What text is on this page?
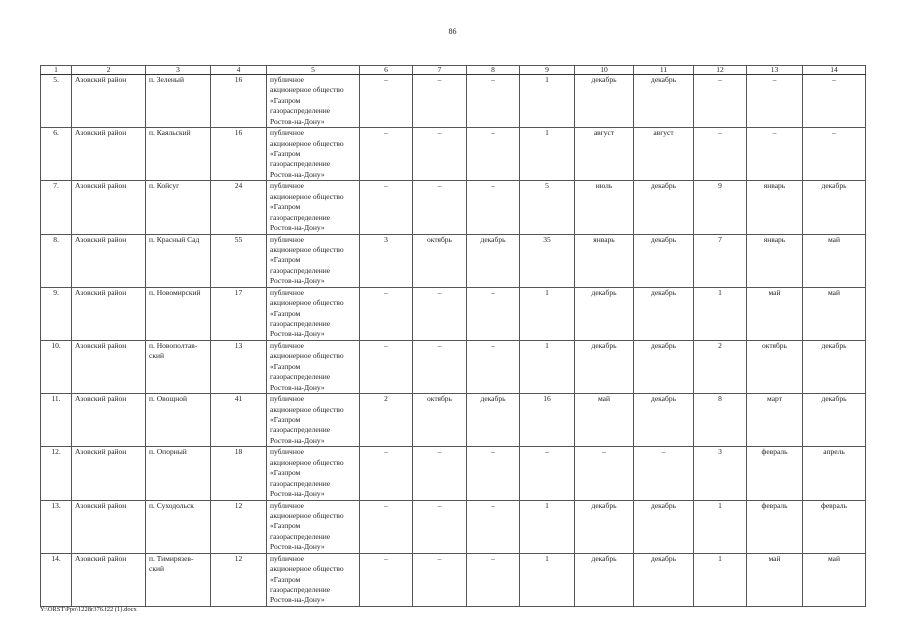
86
1	2	3	4	5	6	7	8	9	10	11	12	13	14
5.	Азовский район	п. Зеленый	16	публичное
акционерное общество
«Газпром
газораспределение
Ростов-на-Дону»	–	–	–	1	декабрь	декабрь	–	–	–
6.	Азовский район	п. Каяльский	16	публичное
акционерное общество
«Газпром
газораспределение
Ростов-на-Дону»	–	–	–	1	август	август	–	–	–
7.	Азовский район	п. Койсуг	24	публичное
акционерное общество
«Газпром
газораспределение
Ростов-на-Дону»	–	–	–	5	июль	декабрь	9	январь	декабрь
8.	Азовский район	п. Красный Сад	55	публичное
акционерное общество
«Газпром
газораспределение
Ростов-на-Дону»	3	октябрь	декабрь	35	январь	декабрь	7	январь	май
9.	Азовский район	п. Новомирский	17	публичное
акционерное общество
«Газпром
газораспределение
Ростов-на-Дону»	–	–	–	1	декабрь	декабрь	1	май	май
10.	Азовский район	п. Новополтав-ский	13	публичное
акционерное общество
«Газпром
газораспределение
Ростов-на-Дону»	–	–	–	1	декабрь	декабрь	2	октябрь	декабрь
11.	Азовский район	п. Овощной	41	публичное
акционерное общество
«Газпром
газораспределение
Ростов-на-Дону»	2	октябрь	декабрь	16	май	декабрь	8	март	декабрь
12.	Азовский район	п. Опорный	18	публичное
акционерное общество
«Газпром
газораспределение
Ростов-на-Дону»	–	–	–	–	–	–	3	февраль	апрель
13.	Азовский район	п. Суходольск	12	публичное
акционерное общество
«Газпром
газораспределение
Ростов-на-Дону»	–	–	–	1	декабрь	декабрь	1	февраль	февраль
14.	Азовский район	п. Тимирязев-ский	12	публичное
акционерное общество
«Газпром
газораспределение
Ростов-на-Дону»	–	–	–	1	декабрь	декабрь	1	май	май
Y:\ORST\Ppo\1228r376.f22 (1).docx
